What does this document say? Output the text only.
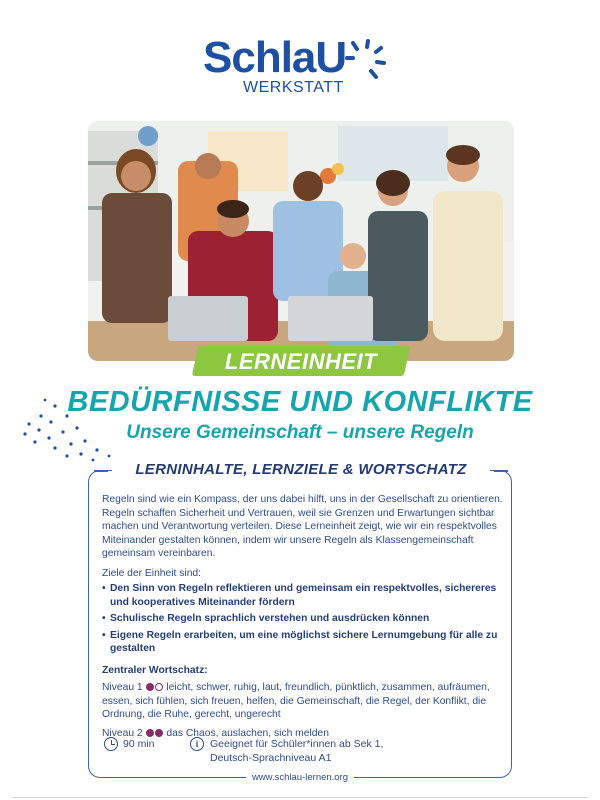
SchlaU
WERKSTATT
LERNEINHEIT
BEDÜRFNISSE UND KONFLIKTE
Unsere Gemeinschaft – unsere Regeln
LERNINHALTE, LERNZIELE & WORTSCHATZ

Regeln sind wie ein Kompass, der uns dabei hilft, uns in der Gesellschaft zu orientieren. Regeln schaffen Sicherheit und Vertrauen, weil sie Grenzen und Erwartungen sichtbar machen und Verantwortung verteilen. Diese Lerneinheit zeigt, wie wir ein respektvolles Miteinander gestalten können, indem wir unsere Regeln als Klassengemeinschaft gemeinsam vereinbaren.

Ziele der Einheit sind:

• Den Sinn von Regeln reflektieren und gemeinsam ein respektvolles, sichereres und kooperatives Miteinander fördern
• Schulische Regeln sprachlich verstehen und ausdrücken können
• Eigene Regeln erarbeiten, um eine möglichst sichere Lernumgebung für alle zu gestalten

Zentraler Wortschatz:

Niveau 1 leicht, schwer, ruhig, laut, freundlich, pünktlich, zusammen, aufräumen, essen, sich fühlen, sich freuen, helfen, die Gemeinschaft, die Regel, der Konflikt, die Ordnung, die Ruhe, gerecht, ungerecht

Niveau 2 das Chaos, auslachen, sich melden

90 min	i	Geeignet für Schüler*innen ab Sek 1,
Deutsch-Sprachniveau A1
www.schlau-lernen.org
